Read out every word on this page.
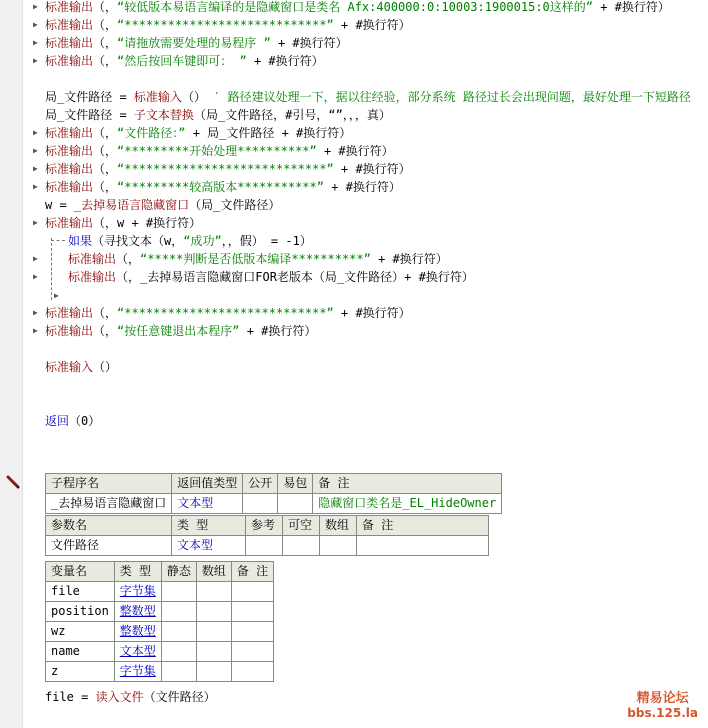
▶ 标准输出（，“较低版本易语言编译的是隐藏窗口是类名 Afx:400000:0:10003:1900015:0这样的” + #换行符）
▶ 标准输出（，“****************************” + #换行符）
▶ 标准输出（，“请拖放需要处理的易程序 ” + #换行符）
▶ 标准输出（，“然后按回车键即可： ” + #换行符）
局_文件路径 = 标准输入（） ′ 路径建议处理一下，据以往经验，部分系统 路径过长会出现问题，最好处理一下短路径
局_文件路径 = 子文本替换（局_文件路径，#引号，“”，，，真）
▶ 标准输出（，“文件路径：” + 局_文件路径 + #换行符）
▶ 标准输出（，“*********开始处理**********” + #换行符）
▶ 标准输出（，“****************************” + #换行符）
▶ 标准输出（，“*********较高版本***********” + #换行符）
w = _去掉易语言隐藏窗口（局_文件路径）
▶ 标准输出（，w + #换行符）
▶
如果（寻找文本（w，“成功”，，假） = -1）
▶	标准输出（，“*****判断是否低版本编译**********” + #换行符）
▶	标准输出（，_去掉易语言隐藏窗口FOR老版本（局_文件路径）+ #换行符）
▶ 标准输出（，“****************************” + #换行符）
▶ 标准输出（，“按任意键退出本程序” + #换行符）
标准输入（）
返回（0）
子程序名	返回值类型	公开	易包	备 注
_去掉易语言隐藏窗口	文本型			隐藏窗口类名是_EL_HideOwner
参数名	类 型	参考	可空	数组	备 注
文件路径	文本型				
变量名	类 型	静态	数组	备 注
file	字节集			
position	整数型			
wz	整数型			
name	文本型			
z	字节集			
file = 读入文件（文件路径）	精易论坛
bbs.125.la
